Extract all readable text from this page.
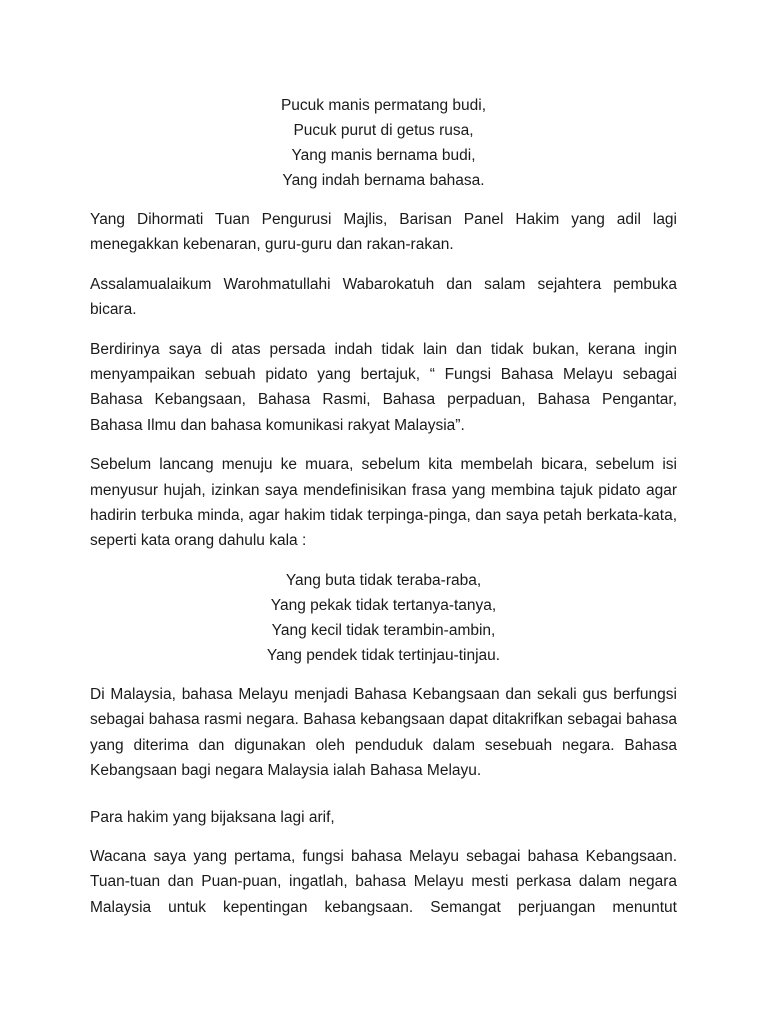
Pucuk manis permatang budi,
Pucuk purut di getus rusa,
Yang manis bernama budi,
Yang indah bernama bahasa.

Yang Dihormati Tuan Pengurusi Majlis, Barisan Panel Hakim yang adil lagi menegakkan kebenaran, guru-guru dan rakan-rakan.

Assalamualaikum Warohmatullahi Wabarokatuh dan salam sejahtera pembuka bicara.

Berdirinya saya di atas persada indah tidak lain dan tidak bukan, kerana ingin menyampaikan sebuah pidato yang bertajuk, “ Fungsi Bahasa Melayu sebagai Bahasa Kebangsaan, Bahasa Rasmi, Bahasa perpaduan, Bahasa Pengantar, Bahasa Ilmu dan bahasa komunikasi rakyat Malaysia”.

Sebelum lancang menuju ke muara, sebelum kita membelah bicara, sebelum isi menyusur hujah, izinkan saya mendefinisikan frasa yang membina tajuk pidato agar hadirin terbuka minda, agar hakim tidak terpinga-pinga, dan saya petah berkata-kata, seperti kata orang dahulu kala :

Yang buta tidak teraba-raba,
Yang pekak tidak tertanya-tanya,
Yang kecil tidak terambin-ambin,
Yang pendek tidak tertinjau-tinjau.

Di Malaysia, bahasa Melayu menjadi Bahasa Kebangsaan dan sekali gus berfungsi sebagai bahasa rasmi negara. Bahasa kebangsaan dapat ditakrifkan sebagai bahasa yang diterima dan digunakan oleh penduduk dalam sesebuah negara. Bahasa Kebangsaan bagi negara Malaysia ialah Bahasa Melayu.

Para hakim yang bijaksana lagi arif,

Wacana saya yang pertama, fungsi bahasa Melayu sebagai bahasa Kebangsaan. Tuan-tuan dan Puan-puan, ingatlah, bahasa Melayu mesti perkasa dalam negara Malaysia untuk kepentingan kebangsaan. Semangat perjuangan menuntut
